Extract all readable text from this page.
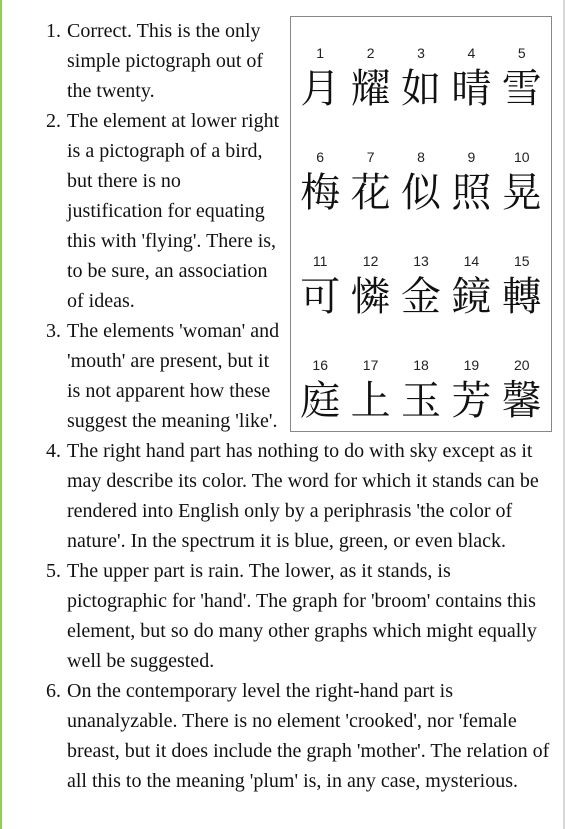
1
月
2
耀
3
如
4
晴
5
雪
6
梅
7
花
8
似
9
照
10
晃
11
可
12
憐
13
金
14
鏡
15
轉
16
庭
17
上
18
玉
19
芳
20
馨
1. Correct. This is the only simple pictograph out of the twenty.
2. The element at lower right is a pictograph of a bird, but there is no justification for equating this with 'flying'. There is, to be sure, an association of ideas.
3. The elements 'woman' and 'mouth' are present, but it is not apparent how these suggest the meaning 'like'.
4. The right hand part has nothing to do with sky except as it may describe its color. The word for which it stands can be rendered into English only by a periphrasis 'the color of nature'. In the spectrum it is blue, green, or even black.
5. The upper part is rain. The lower, as it stands, is pictographic for 'hand'. The graph for 'broom' contains this element, but so do many other graphs which might equally well be suggested.
6. On the contemporary level the right-hand part is unanalyzable. There is no element 'crooked', nor 'female breast, but it does include the graph 'mother'. The relation of all this to the meaning 'plum' is, in any case, mysterious.
